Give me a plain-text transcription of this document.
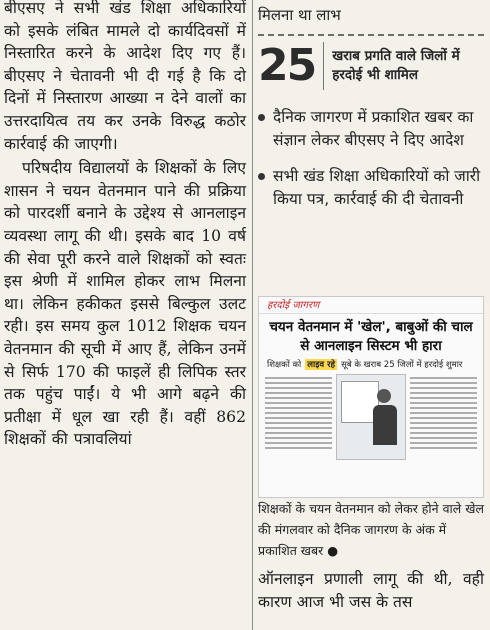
बीएसए ने सभी खंड शिक्षा अधिकारियों को इसके लंबित मामले दो कार्यदिवसों में निस्तारित करने के आदेश दिए गए हैं। बीएसए ने चेतावनी भी दी गई है कि दो दिनों में निस्तारण आख्या न देने वालों का उत्तरदायित्व तय कर उनके विरुद्ध कठोर कार्रवाई की जाएगी।

परिषदीय विद्यालयों के शिक्षकों के लिए शासन ने चयन वेतनमान पाने की प्रक्रिया को पारदर्शी बनाने के उद्देश्य से आनलाइन व्यवस्था लागू की थी। इसके बाद 10 वर्ष की सेवा पूरी करने वाले शिक्षकों को स्वतः इस श्रेणी में शामिल होकर लाभ मिलना था। लेकिन हकीकत इससे बिल्कुल उलट रही। इस समय कुल 1012 शिक्षक चयन वेतनमान की सूची में आए हैं, लेकिन उनमें से सिर्फ 170 की फाइलें ही लिपिक स्तर तक पहुंच पाईं। ये भी आगे बढ़ने की प्रतीक्षा में धूल खा रही हैं। वहीं 862 शिक्षकों की पत्रावलियां

मिलना था लाभ
25	खराब प्रगति वाले जिलों में हरदोई भी शामिल
दैनिक जागरण में प्रकाशित खबर का संज्ञान लेकर बीएसए ने दिए आदेश
सभी खंड शिक्षा अधिकारियों को जारी किया पत्र, कार्रवाई की दी चेतावनी
हरदोई जागरण
चयन वेतनमान में 'खेल', बाबुओं की चाल से आनलाइन सिस्टम भी हारा
शिक्षकों को लाइव रहे सूबे के खराब 25 जिलों में हरदोई शुमार
शिक्षकों के चयन वेतनमान को लेकर होने वाले खेल की मंगलवार को दैनिक जागरण के अंक में प्रकाशित खबर ●
ऑनलाइन प्रणाली लागू की थी, वही कारण आज भी जस के तस
